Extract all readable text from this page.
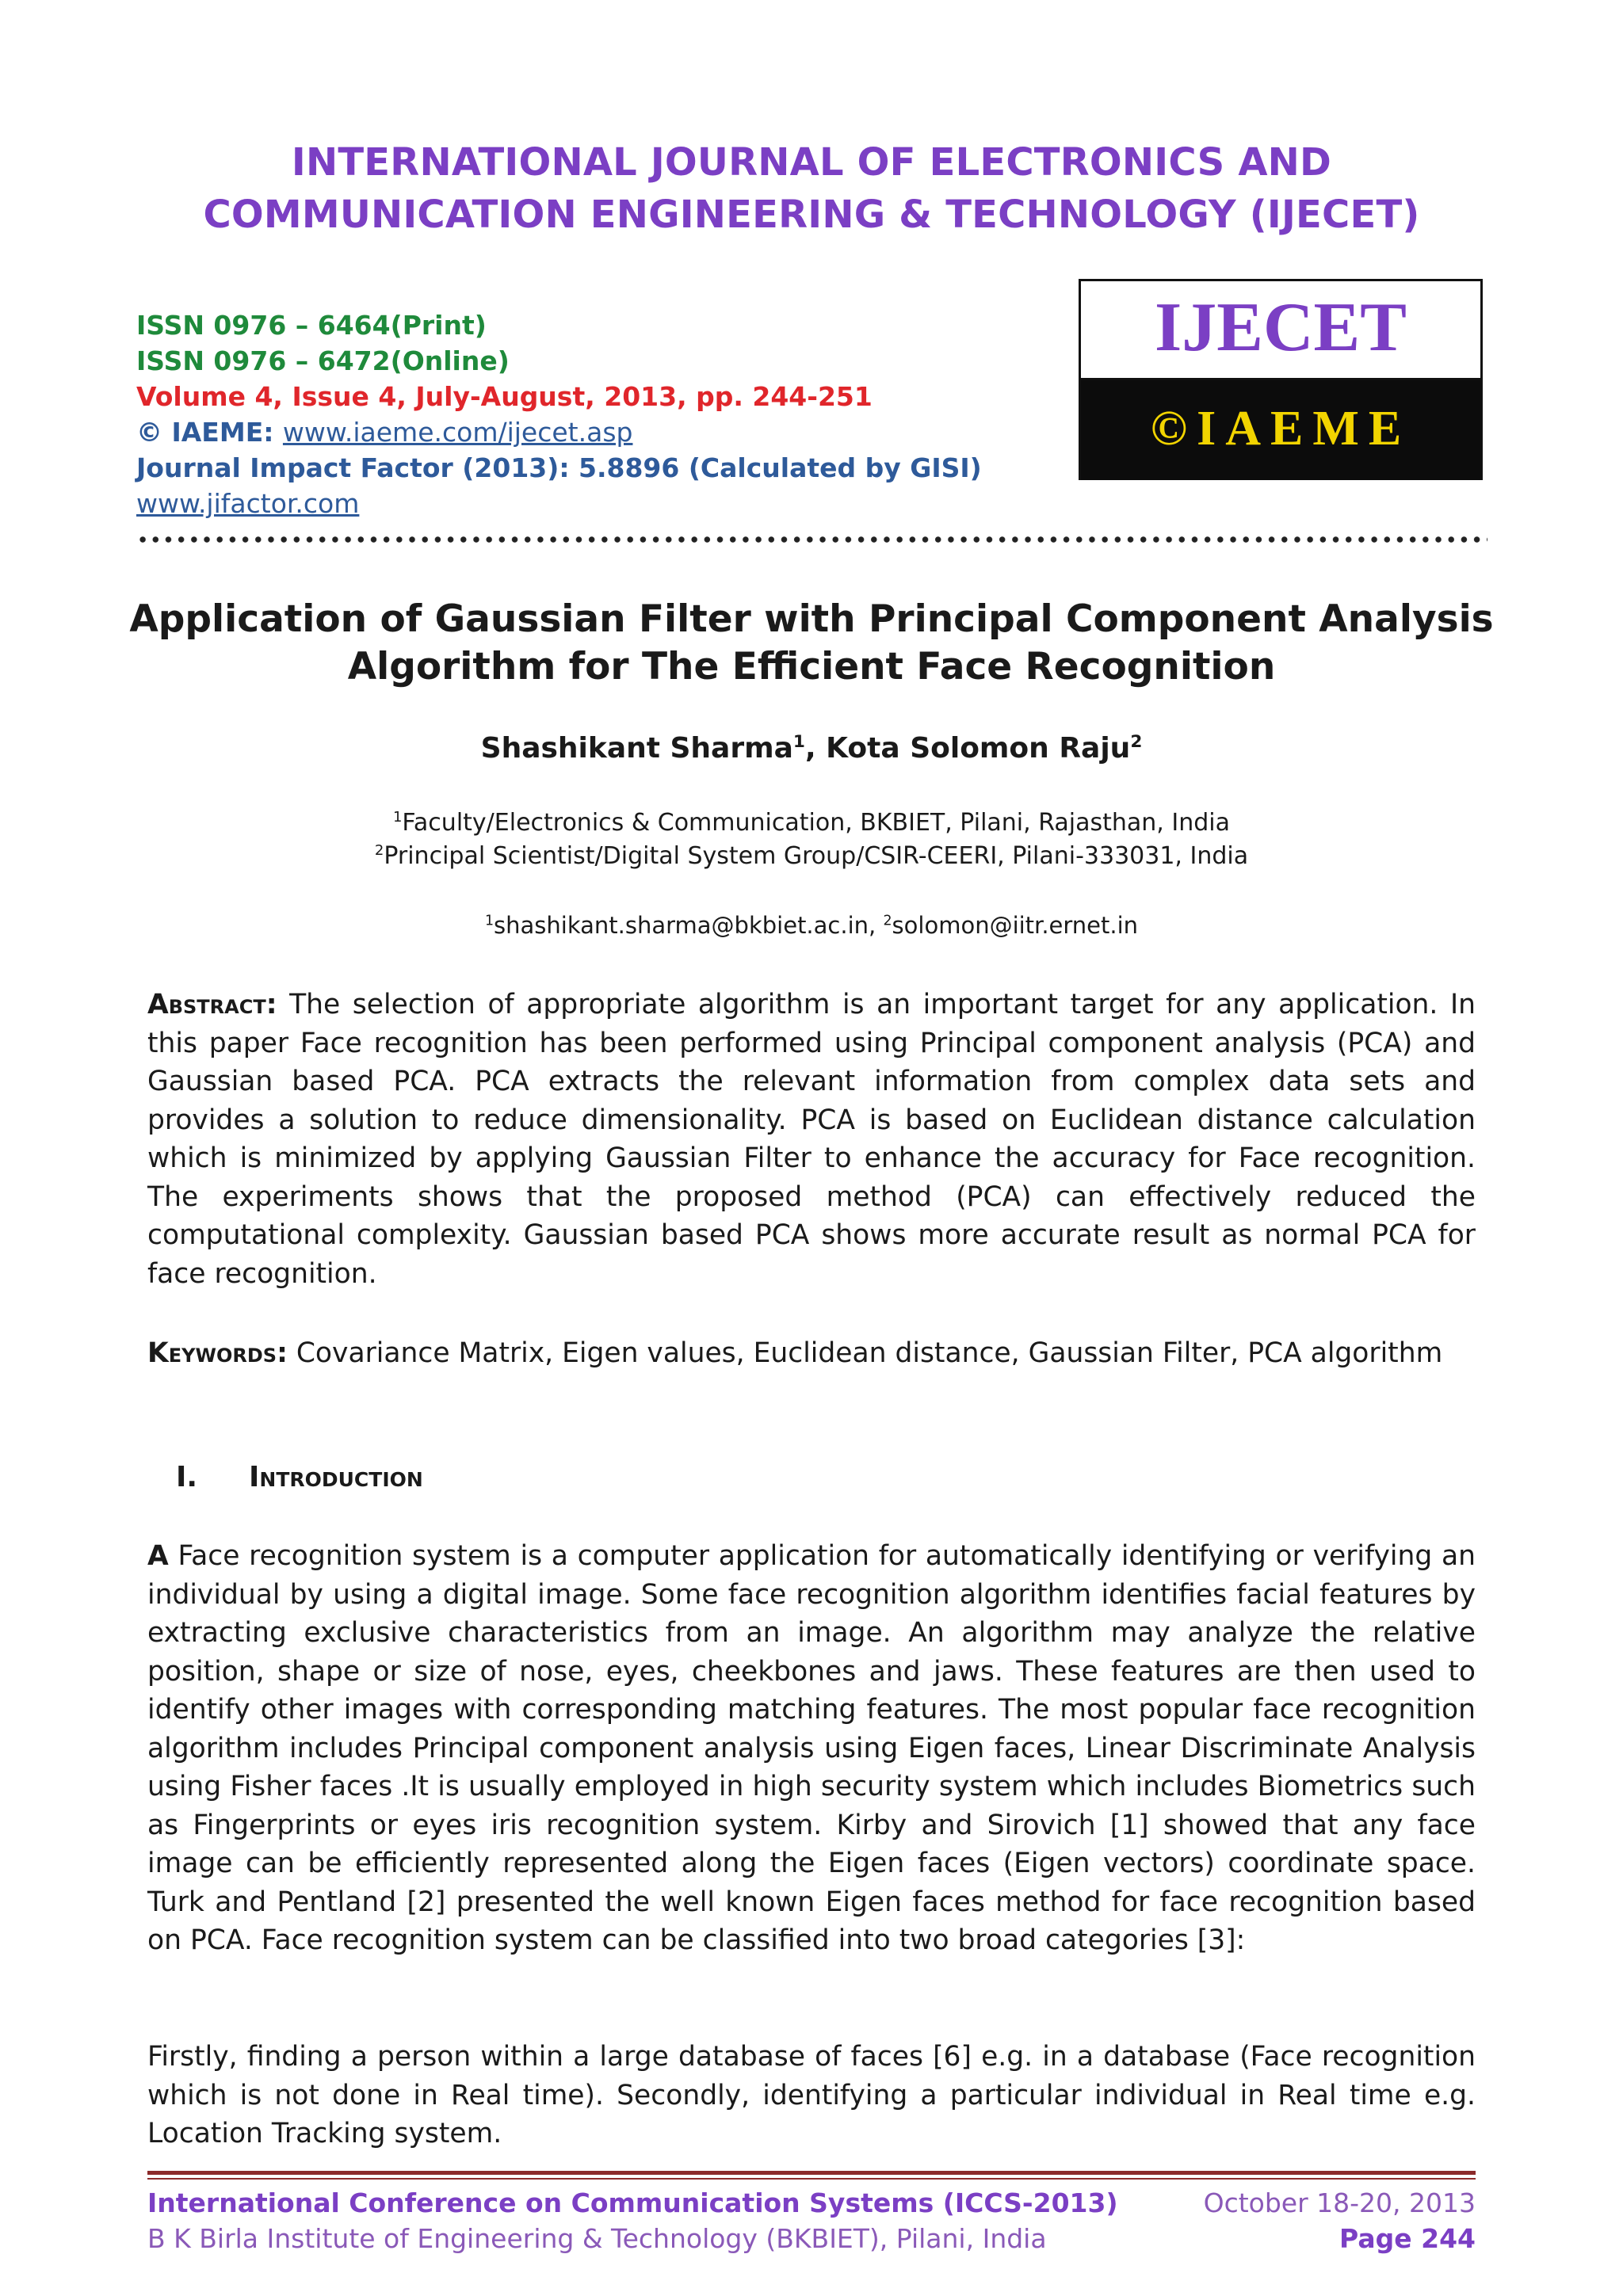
INTERNATIONAL JOURNAL OF ELECTRONICS AND
COMMUNICATION ENGINEERING & TECHNOLOGY (IJECET)
ISSN 0976 – 6464(Print)
ISSN 0976 – 6472(Online)
Volume 4, Issue 4, July-August, 2013, pp. 244-251
© IAEME: www.iaeme.com/ijecet.asp
Journal Impact Factor (2013): 5.8896 (Calculated by GISI)
www.jifactor.com
IJECET
©IAEME
Application of Gaussian Filter with Principal Component Analysis
Algorithm for The Efficient Face Recognition
Shashikant Sharma$^1$, Kota Solomon Raju$^2$
$^1$Faculty/Electronics & Communication, BKBIET, Pilani, Rajasthan, India
$^2$Principal Scientist/Digital System Group/CSIR-CEERI, Pilani-333031, India
$^1$shashikant.sharma@bkbiet.ac.in, $^2$solomon@iitr.ernet.in
Abstract: The selection of appropriate algorithm is an important target for any application. In this paper Face recognition has been performed using Principal component analysis (PCA) and Gaussian based PCA. PCA extracts the relevant information from complex data sets and provides a solution to reduce dimensionality. PCA is based on Euclidean distance calculation which is minimized by applying Gaussian Filter to enhance the accuracy for Face recognition. The experiments shows that the proposed method (PCA) can effectively reduced the computational complexity. Gaussian based PCA shows more accurate result as normal PCA for face recognition.
Keywords: Covariance Matrix, Eigen values, Euclidean distance, Gaussian Filter, PCA algorithm
I. Introduction
A Face recognition system is a computer application for automatically identifying or verifying an individual by using a digital image. Some face recognition algorithm identifies facial features by extracting exclusive characteristics from an image. An algorithm may analyze the relative position, shape or size of nose, eyes, cheekbones and jaws. These features are then used to identify other images with corresponding matching features. The most popular face recognition algorithm includes Principal component analysis using Eigen faces, Linear Discriminate Analysis using Fisher faces .It is usually employed in high security system which includes Biometrics such as Fingerprints or eyes iris recognition system. Kirby and Sirovich [1] showed that any face image can be efficiently represented along the Eigen faces (Eigen vectors) coordinate space. Turk and Pentland [2] presented the well known Eigen faces method for face recognition based on PCA. Face recognition system can be classified into two broad categories [3]:
Firstly, finding a person within a large database of faces [6] e.g. in a database (Face recognition which is not done in Real time). Secondly, identifying a particular individual in Real time e.g. Location Tracking system.
International Conference on Communication Systems (ICCS-2013)
B K Birla Institute of Engineering & Technology (BKBIET), Pilani, India
October 18-20, 2013
Page 244
